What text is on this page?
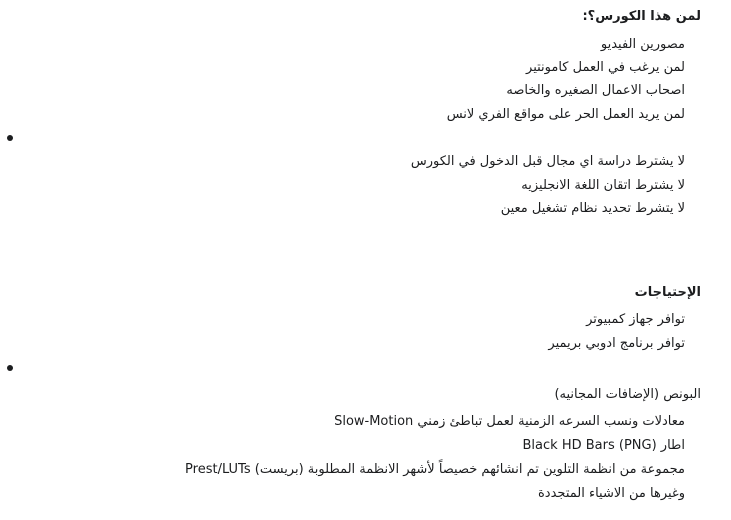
لمن هذا الكورس؟:
مصورين الفيديو
لمن يرغب في العمل كامونتير
اصحاب الاعمال الصغيره والخاصه
لمن يريد العمل الحر على مواقع الفري لانس
لا يشترط دراسة اي مجال قبل الدخول في الكورس
لا يشترط اتقان اللغة الانجليزيه
لا يتشرط تحديد نظام تشغيل معين
الإحتياجات
توافر جهاز كمبيوتر
توافر برنامج ادوبي بريمير
البونص (الإضافات المجانيه)
معادلات ونسب السرعه الزمنية لعمل تباطئ زمني Slow-Motion
اطار Black HD Bars (PNG)
مجموعة من انظمة التلوين تم انشائهم خصيصاً لأشهر الانظمة المطلوبة (بريست) Prest/LUTs
وغيرها من الاشياء المتجددة
